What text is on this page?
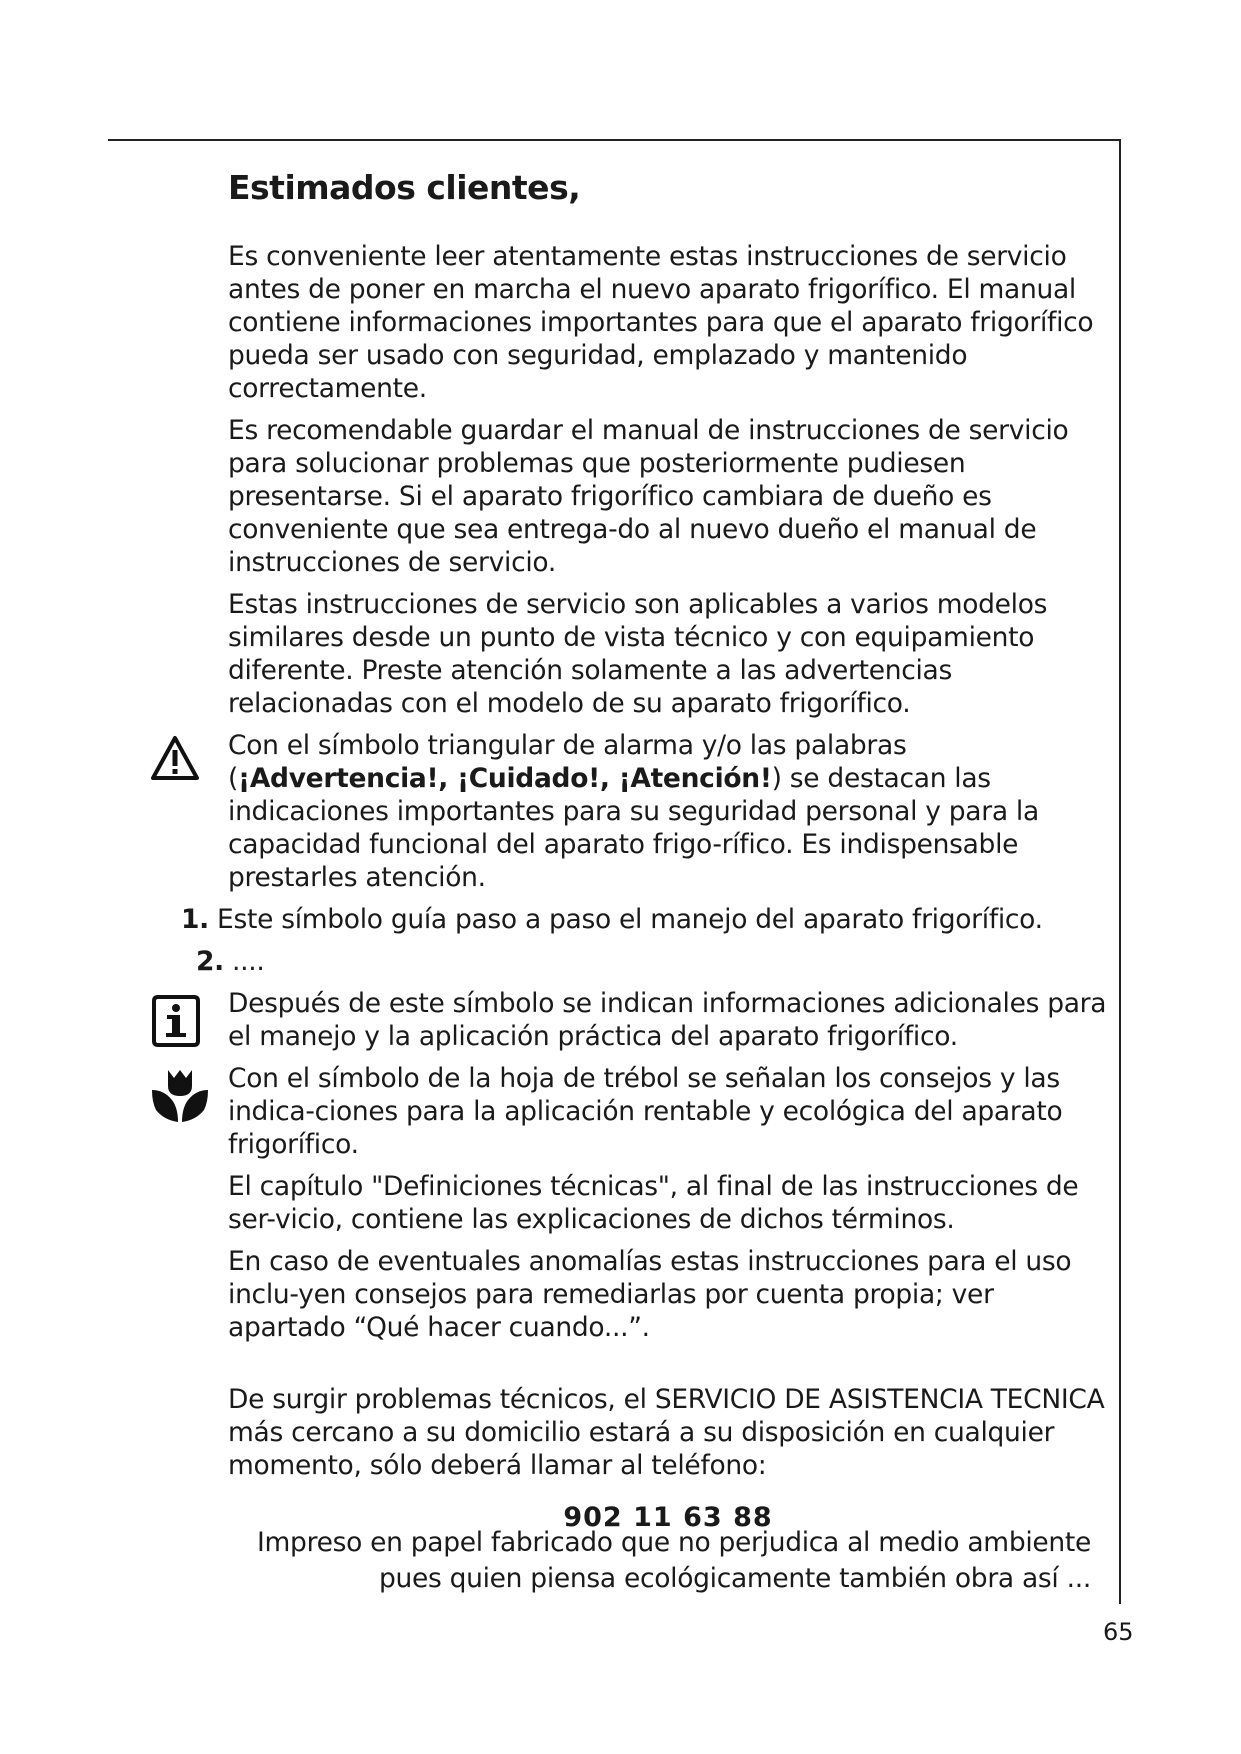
Estimados clientes,

Es conveniente leer atentamente estas instrucciones de servicio antes de poner en marcha el nuevo aparato frigorífico. El manual contiene informaciones importantes para que el aparato frigorífico pueda ser usado con seguridad, emplazado y mantenido correctamente.

Es recomendable guardar el manual de instrucciones de servicio para solucionar problemas que posteriormente pudiesen presentarse. Si el aparato frigorífico cambiara de dueño es conveniente que sea entrega-do al nuevo dueño el manual de instrucciones de servicio.

Estas instrucciones de servicio son aplicables a varios modelos similares desde un punto de vista técnico y con equipamiento diferente. Preste atención solamente a las advertencias relacionadas con el modelo de su aparato frigorífico.

Con el símbolo triangular de alarma y/o las palabras (¡Advertencia!, ¡Cuidado!, ¡Atención!) se destacan las indicaciones importantes para su seguridad personal y para la capacidad funcional del aparato frigo-rífico. Es indispensable prestarles atención.

1. Este símbolo guía paso a paso el manejo del aparato frigorífico.
2. ....

Después de este símbolo se indican informaciones adicionales para el manejo y la aplicación práctica del aparato frigorífico.

Con el símbolo de la hoja de trébol se señalan los consejos y las indica-ciones para la aplicación rentable y ecológica del aparato frigorífico.

El capítulo "Definiciones técnicas", al final de las instrucciones de ser-vicio, contiene las explicaciones de dichos términos.

En caso de eventuales anomalías estas instrucciones para el uso inclu-yen consejos para remediarlas por cuenta propia; ver apartado “Qué hacer cuando...”.

De surgir problemas técnicos, el SERVICIO DE ASISTENCIA TECNICA más cercano a su domicilio estará a su disposición en cualquier momento, sólo deberá llamar al teléfono:

902 11 63 88
Impreso en papel fabricado que no perjudica al medio ambiente
pues quien piensa ecológicamente también obra así ...
65
